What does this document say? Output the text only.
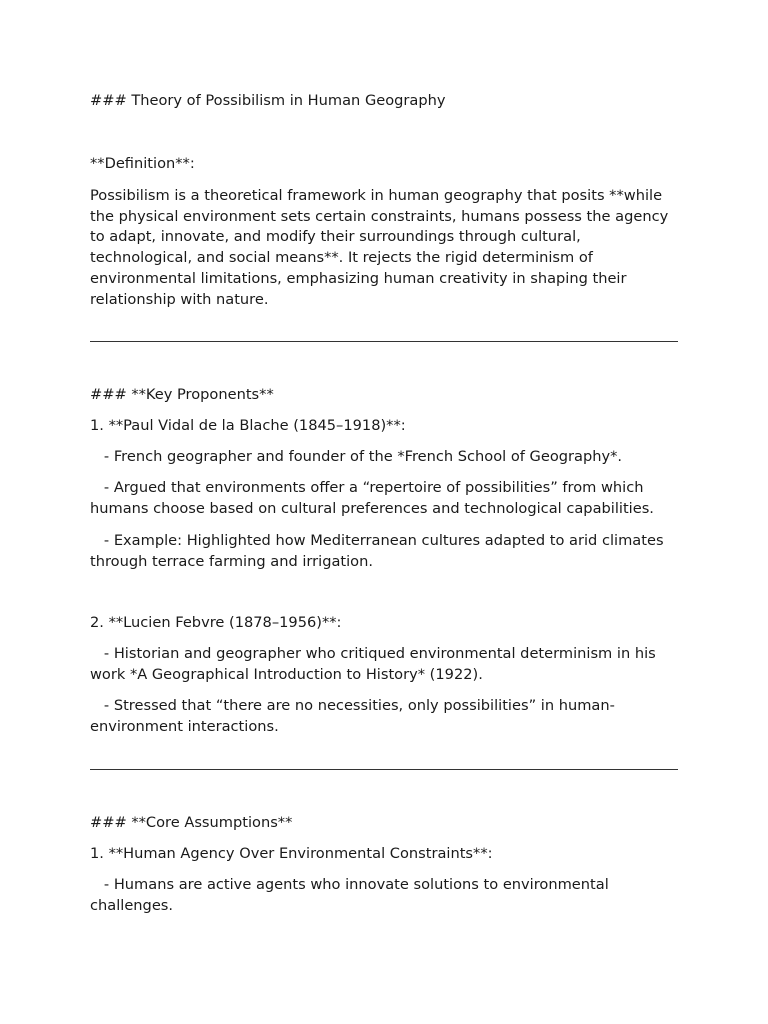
### Theory of Possibilism in Human Geography

**Definition**:

Possibilism is a theoretical framework in human geography that posits **while the physical environment sets certain constraints, humans possess the agency to adapt, innovate, and modify their surroundings through cultural, technological, and social means**. It rejects the rigid determinism of environmental limitations, emphasizing human creativity in shaping their relationship with nature.

### **Key Proponents**

1. **Paul Vidal de la Blache (1845–1918)**:

- French geographer and founder of the *French School of Geography*.

- Argued that environments offer a “repertoire of possibilities” from which humans choose based on cultural preferences and technological capabilities.

- Example: Highlighted how Mediterranean cultures adapted to arid climates through terrace farming and irrigation.

2. **Lucien Febvre (1878–1956)**:

- Historian and geographer who critiqued environmental determinism in his work *A Geographical Introduction to History* (1922).

- Stressed that “there are no necessities, only possibilities” in human-environment interactions.

### **Core Assumptions**

1. **Human Agency Over Environmental Constraints**:

- Humans are active agents who innovate solutions to environmental challenges.
